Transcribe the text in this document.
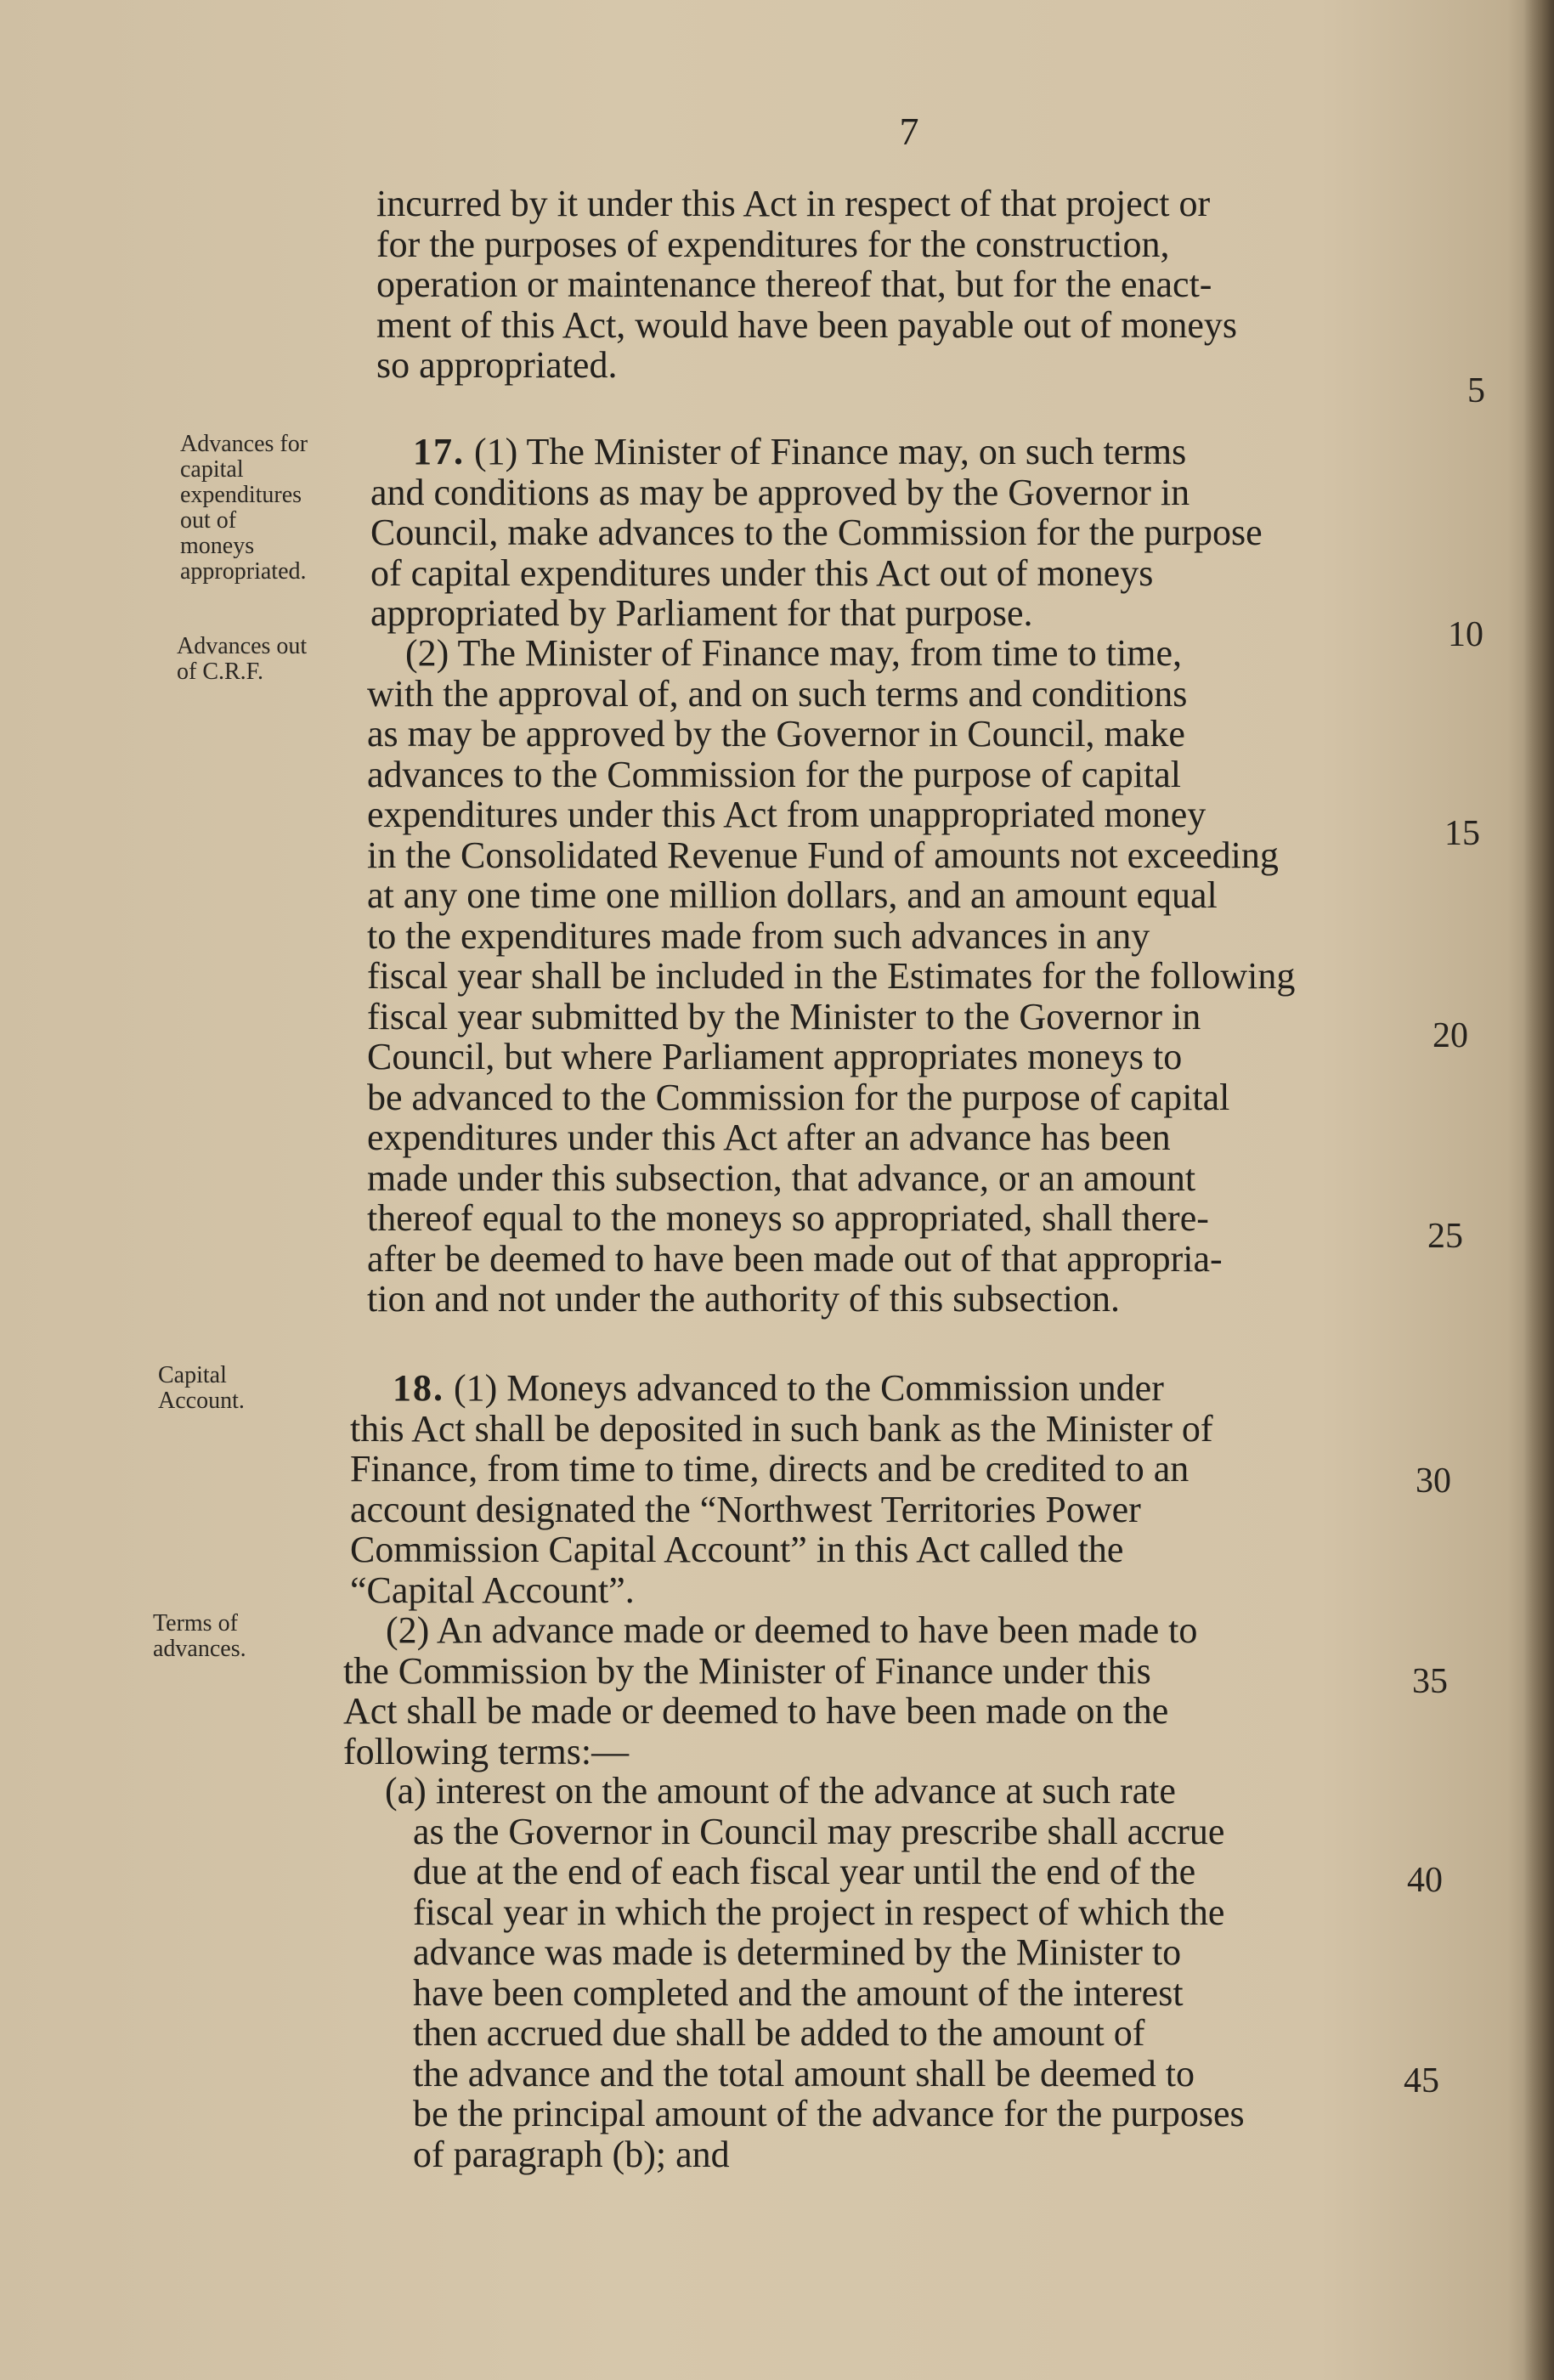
7
incurred by it under this Act in respect of that project or
for the purposes of expenditures for the construction,
operation or maintenance thereof that, but for the enact-
ment of this Act, would have been payable out of moneys
so appropriated.
17. (1) The Minister of Finance may, on such terms
and conditions as may be approved by the Governor in
Council, make advances to the Commission for the purpose
of capital expenditures under this Act out of moneys
appropriated by Parliament for that purpose.
(2) The Minister of Finance may, from time to time,
with the approval of, and on such terms and conditions
as may be approved by the Governor in Council, make
advances to the Commission for the purpose of capital
expenditures under this Act from unappropriated money
in the Consolidated Revenue Fund of amounts not exceeding
at any one time one million dollars, and an amount equal
to the expenditures made from such advances in any
fiscal year shall be included in the Estimates for the following
fiscal year submitted by the Minister to the Governor in
Council, but where Parliament appropriates moneys to
be advanced to the Commission for the purpose of capital
expenditures under this Act after an advance has been
made under this subsection, that advance, or an amount
thereof equal to the moneys so appropriated, shall there-
after be deemed to have been made out of that appropria-
tion and not under the authority of this subsection.
18. (1) Moneys advanced to the Commission under
this Act shall be deposited in such bank as the Minister of
Finance, from time to time, directs and be credited to an
account designated the “Northwest Territories Power
Commission Capital Account” in this Act called the
“Capital Account”.
(2) An advance made or deemed to have been made to
the Commission by the Minister of Finance under this
Act shall be made or deemed to have been made on the
following terms:—
(a) interest on the amount of the advance at such rate
as the Governor in Council may prescribe shall accrue
due at the end of each fiscal year until the end of the
fiscal year in which the project in respect of which the
advance was made is determined by the Minister to
have been completed and the amount of the interest
then accrued due shall be added to the amount of
the advance and the total amount shall be deemed to
be the principal amount of the advance for the purposes
of paragraph (b); and
Advances for
capital
expenditures
out of
moneys
appropriated.
Advances out
of C.R.F.
Capital
Account.
Terms of
advances.
5
10
15
20
25
30
35
40
45
